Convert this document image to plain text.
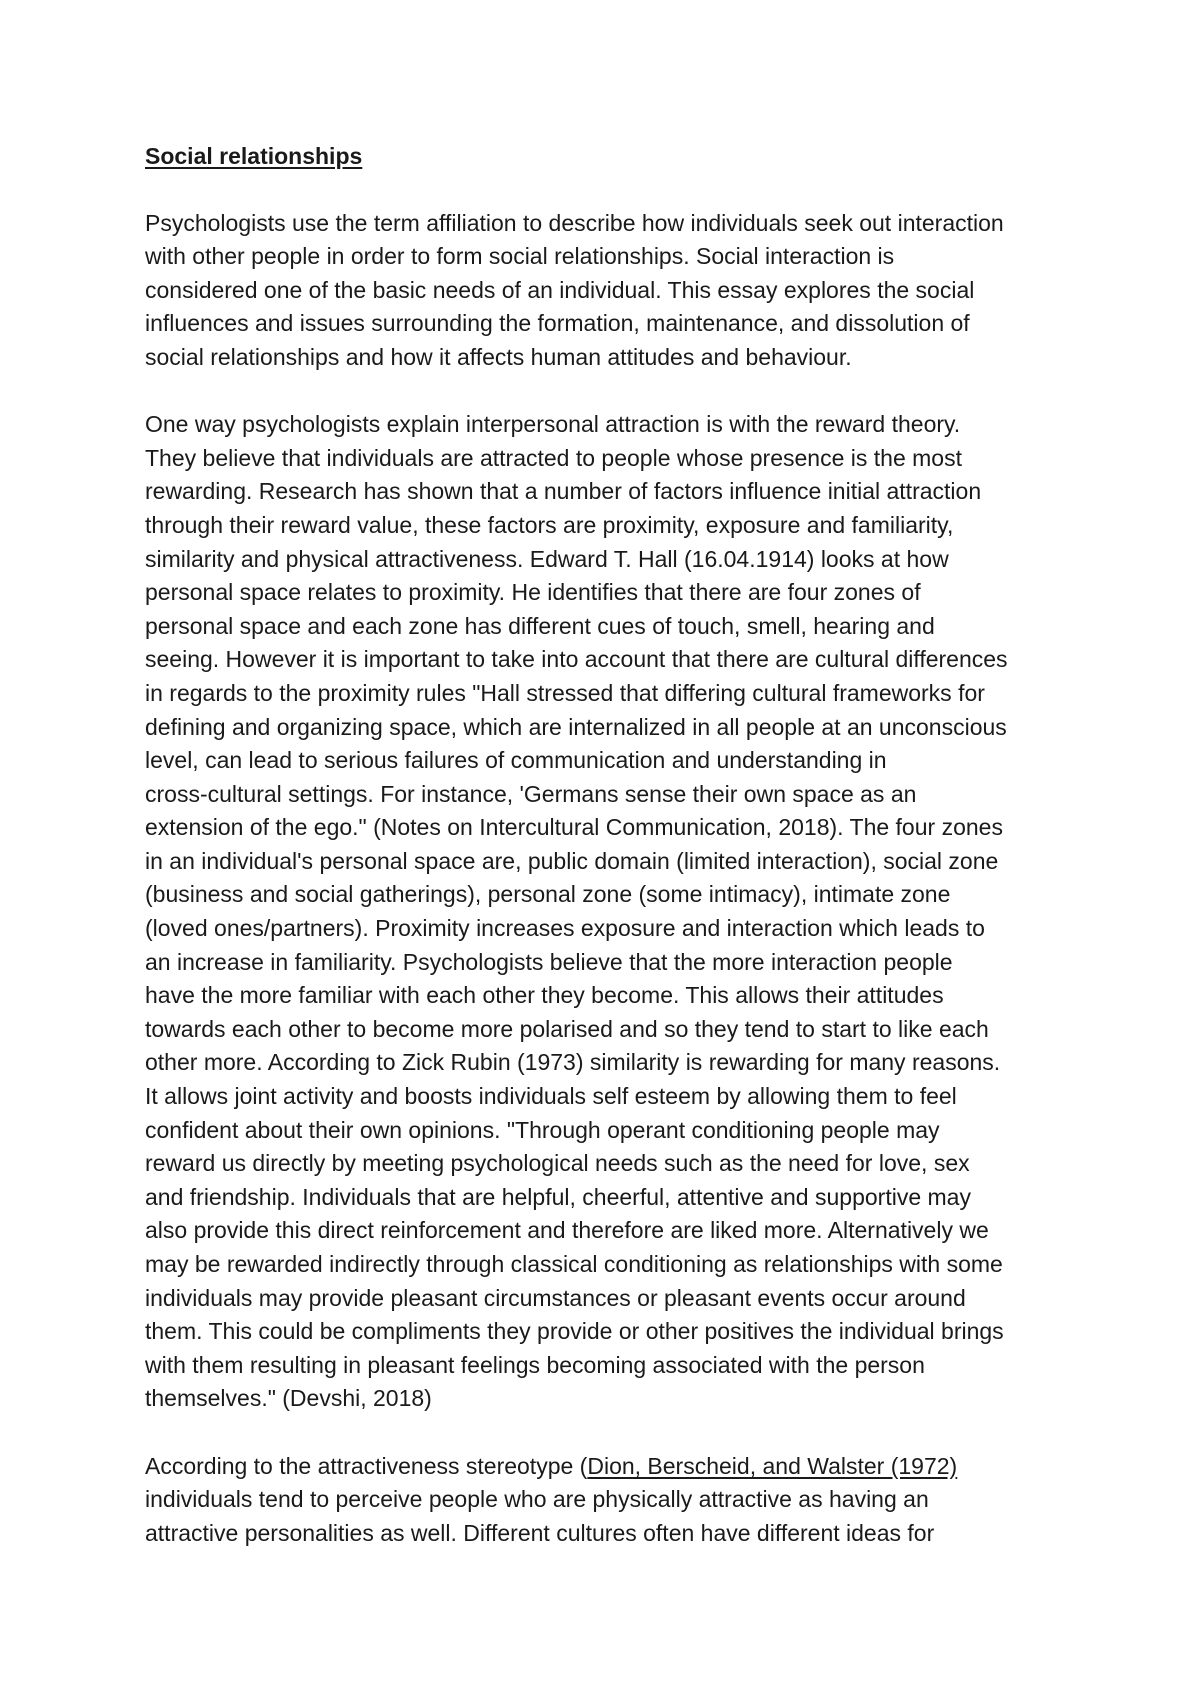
Social relationships
Psychologists use the term affiliation to describe how individuals seek out interaction
with other people in order to form social relationships. Social interaction is
considered one of the basic needs of an individual. This essay explores the social
influences and issues surrounding the formation, maintenance, and dissolution of
social relationships and how it affects human attitudes and behaviour.
One way psychologists explain interpersonal attraction is with the reward theory.
They believe that individuals are attracted to people whose presence is the most
rewarding. Research has shown that a number of factors influence initial attraction
through their reward value, these factors are proximity, exposure and familiarity,
similarity and physical attractiveness. Edward T. Hall (16.04.1914) looks at how
personal space relates to proximity. He identifies that there are four zones of
personal space and each zone has different cues of touch, smell, hearing and
seeing. However it is important to take into account that there are cultural differences
in regards to the proximity rules "Hall stressed that differing cultural frameworks for
defining and organizing space, which are internalized in all people at an unconscious
level, can lead to serious failures of communication and understanding in
cross-cultural settings. For instance, 'Germans sense their own space as an
extension of the ego." (Notes on Intercultural Communication, 2018). The four zones
in an individual's personal space are, public domain (limited interaction), social zone
(business and social gatherings), personal zone (some intimacy), intimate zone
(loved ones/partners). Proximity increases exposure and interaction which leads to
an increase in familiarity. Psychologists believe that the more interaction people
have the more familiar with each other they become. This allows their attitudes
towards each other to become more polarised and so they tend to start to like each
other more. According to Zick Rubin (1973) similarity is rewarding for many reasons.
It allows joint activity and boosts individuals self esteem by allowing them to feel
confident about their own opinions. "Through operant conditioning people may
reward us directly by meeting psychological needs such as the need for love, sex
and friendship. Individuals that are helpful, cheerful, attentive and supportive may
also provide this direct reinforcement and therefore are liked more. Alternatively we
may be rewarded indirectly through classical conditioning as relationships with some
individuals may provide pleasant circumstances or pleasant events occur around
them. This could be compliments they provide or other positives the individual brings
with them resulting in pleasant feelings becoming associated with the person
themselves." (Devshi, 2018)
According to the attractiveness stereotype (Dion, Berscheid, and Walster (1972)
individuals tend to perceive people who are physically attractive as having an
attractive personalities as well. Different cultures often have different ideas for
